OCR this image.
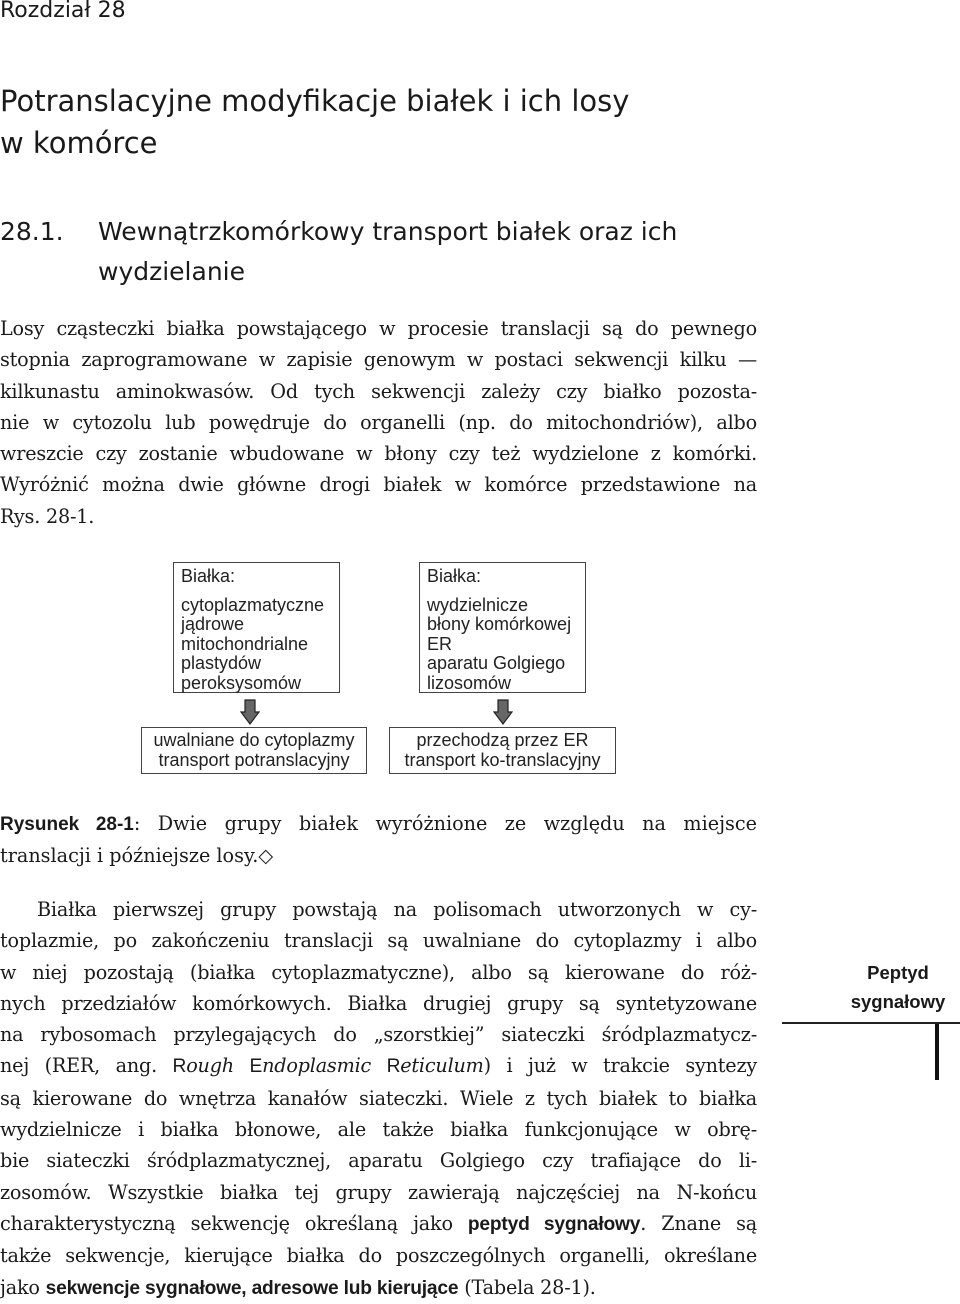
Rozdział 28
Potranslacyjne modyfikacje białek i ich losy
w komórce
28.1.	Wewnątrzkomórkowy transport białek oraz ich
wydzielanie
Losy cząsteczki białka powstającego w procesie translacji są do pewnego
stopnia zaprogramowane w zapisie genowym w postaci sekwencji kilku —
kilkunastu aminokwasów. Od tych sekwencji zależy czy białko pozosta-
nie w cytozolu lub powędruje do organelli (np. do mitochondriów), albo
wreszcie czy zostanie wbudowane w błony czy też wydzielone z komórki.
Wyróżnić można dwie główne drogi białek w komórce przedstawione na
Rys. 28-1.
Białka:
cytoplazmatyczne
jądrowe
mitochondrialne
plastydów
peroksysomów
Białka:
wydzielnicze
błony komórkowej
ER
aparatu Golgiego
lizosomów
uwalniane do cytoplazmy
transport potranslacyjny
przechodzą przez ER
transport ko-translacyjny
Rysunek 28-1: Dwie grupy białek wyróżnione ze względu na miejsce
translacji i późniejsze losy.◇
Peptyd
sygnałowy
Białka pierwszej grupy powstają na polisomach utworzonych w cy-
toplazmie, po zakończeniu translacji są uwalniane do cytoplazmy i albo
w niej pozostają (białka cytoplazmatyczne), albo są kierowane do róż-
nych przedziałów komórkowych. Białka drugiej grupy są syntetyzowane
na rybosomach przylegających do „szorstkiej” siateczki śródplazmatycz-
nej (RER, ang. Rough Endoplasmic Reticulum) i już w trakcie syntezy
są kierowane do wnętrza kanałów siateczki. Wiele z tych białek to białka
wydzielnicze i białka błonowe, ale także białka funkcjonujące w obrę-
bie siateczki śródplazmatycznej, aparatu Golgiego czy trafiające do li-
zosomów. Wszystkie białka tej grupy zawierają najczęściej na N-końcu
charakterystyczną sekwencję określaną jako peptyd sygnałowy. Znane są
także sekwencje, kierujące białka do poszczególnych organelli, określane
jako sekwencje sygnałowe, adresowe lub kierujące (Tabela 28-1).
